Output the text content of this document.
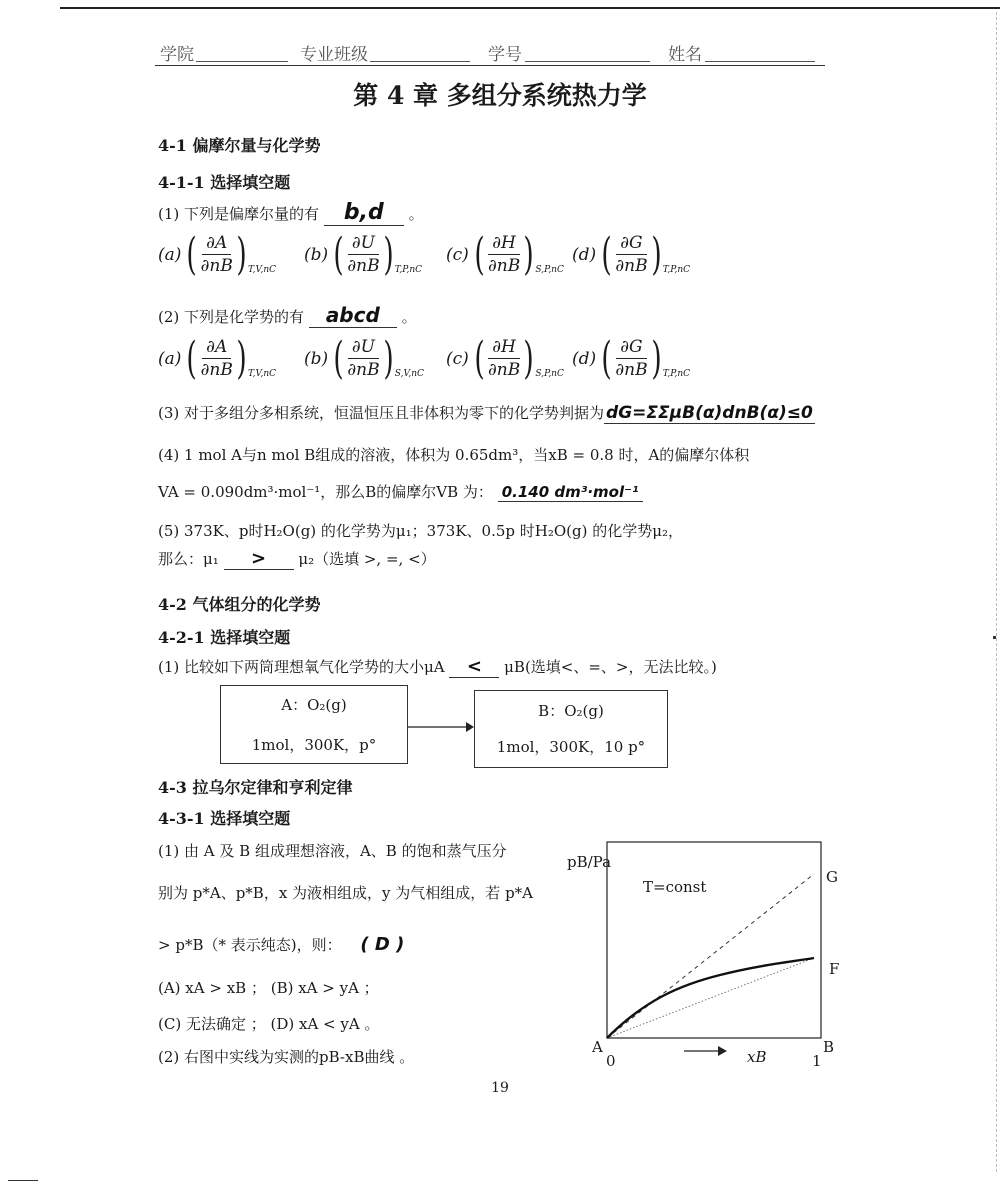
学院	专业班级	学号	姓名
第 4 章 多组分系统热力学
4-1 偏摩尔量与化学势
4-1-1 选择填空题
(1) 下列是偏摩尔量的有 b,d 。
(a) ( $\frac{\partial A}{\partial nB}$ ) T,V,nC
(b) ( $\frac{\partial U}{\partial nB}$ ) T,P,nC
(c) ( $\frac{\partial H}{\partial nB}$ ) S,P,nC
(d) ( $\frac{\partial G}{\partial nB}$ ) T,P,nC
(2) 下列是化学势的有 abcd 。
(a) ( $\frac{\partial A}{\partial nB}$ ) T,V,nC
(b) ( $\frac{\partial U}{\partial nB}$ ) S,V,nC
(c) ( $\frac{\partial H}{\partial nB}$ ) S,P,nC
(d) ( $\frac{\partial G}{\partial nB}$ ) T,P,nC
(3) 对于多组分多相系统，恒温恒压且非体积为零下的化学势判据为 dG=ΣΣμB(α)dnB(α)≤0
(4) 1 mol A与n mol B组成的溶液，体积为 0.65dm³，当xB = 0.8 时，A的偏摩尔体积
VA = 0.090dm³·mol⁻¹，那么B的偏摩尔VB 为： 0.140 dm³·mol⁻¹
(5) 373K、p时H₂O(g) 的化学势为μ₁；373K、0.5p 时H₂O(g) 的化学势μ₂，
那么：μ₁ > μ₂（选填 >, =, <）
4-2 气体组分的化学势
4-2-1 选择填空题
(1) 比较如下两筒理想氧气化学势的大小μA < μB(选填<、=、>，无法比较。)
A：O₂(g)
1mol，300K，p°
B：O₂(g)
1mol，300K，10 p°
4-3 拉乌尔定律和亨利定律
4-3-1 选择填空题
(1) 由 A 及 B 组成理想溶液，A、B 的饱和蒸气压分
别为 p*A、p*B，x 为液相组成，y 为气相组成，若 p*A
> p*B（* 表示纯态)，则： ( D )
(A) xA > xB ； (B) xA > yA ；
(C) 无法确定 ； (D) xA < yA 。
(2) 右图中实线为实测的pB-xB曲线 。
pB/Pa
T=const
G
F
A	B
0	1
xB
19
